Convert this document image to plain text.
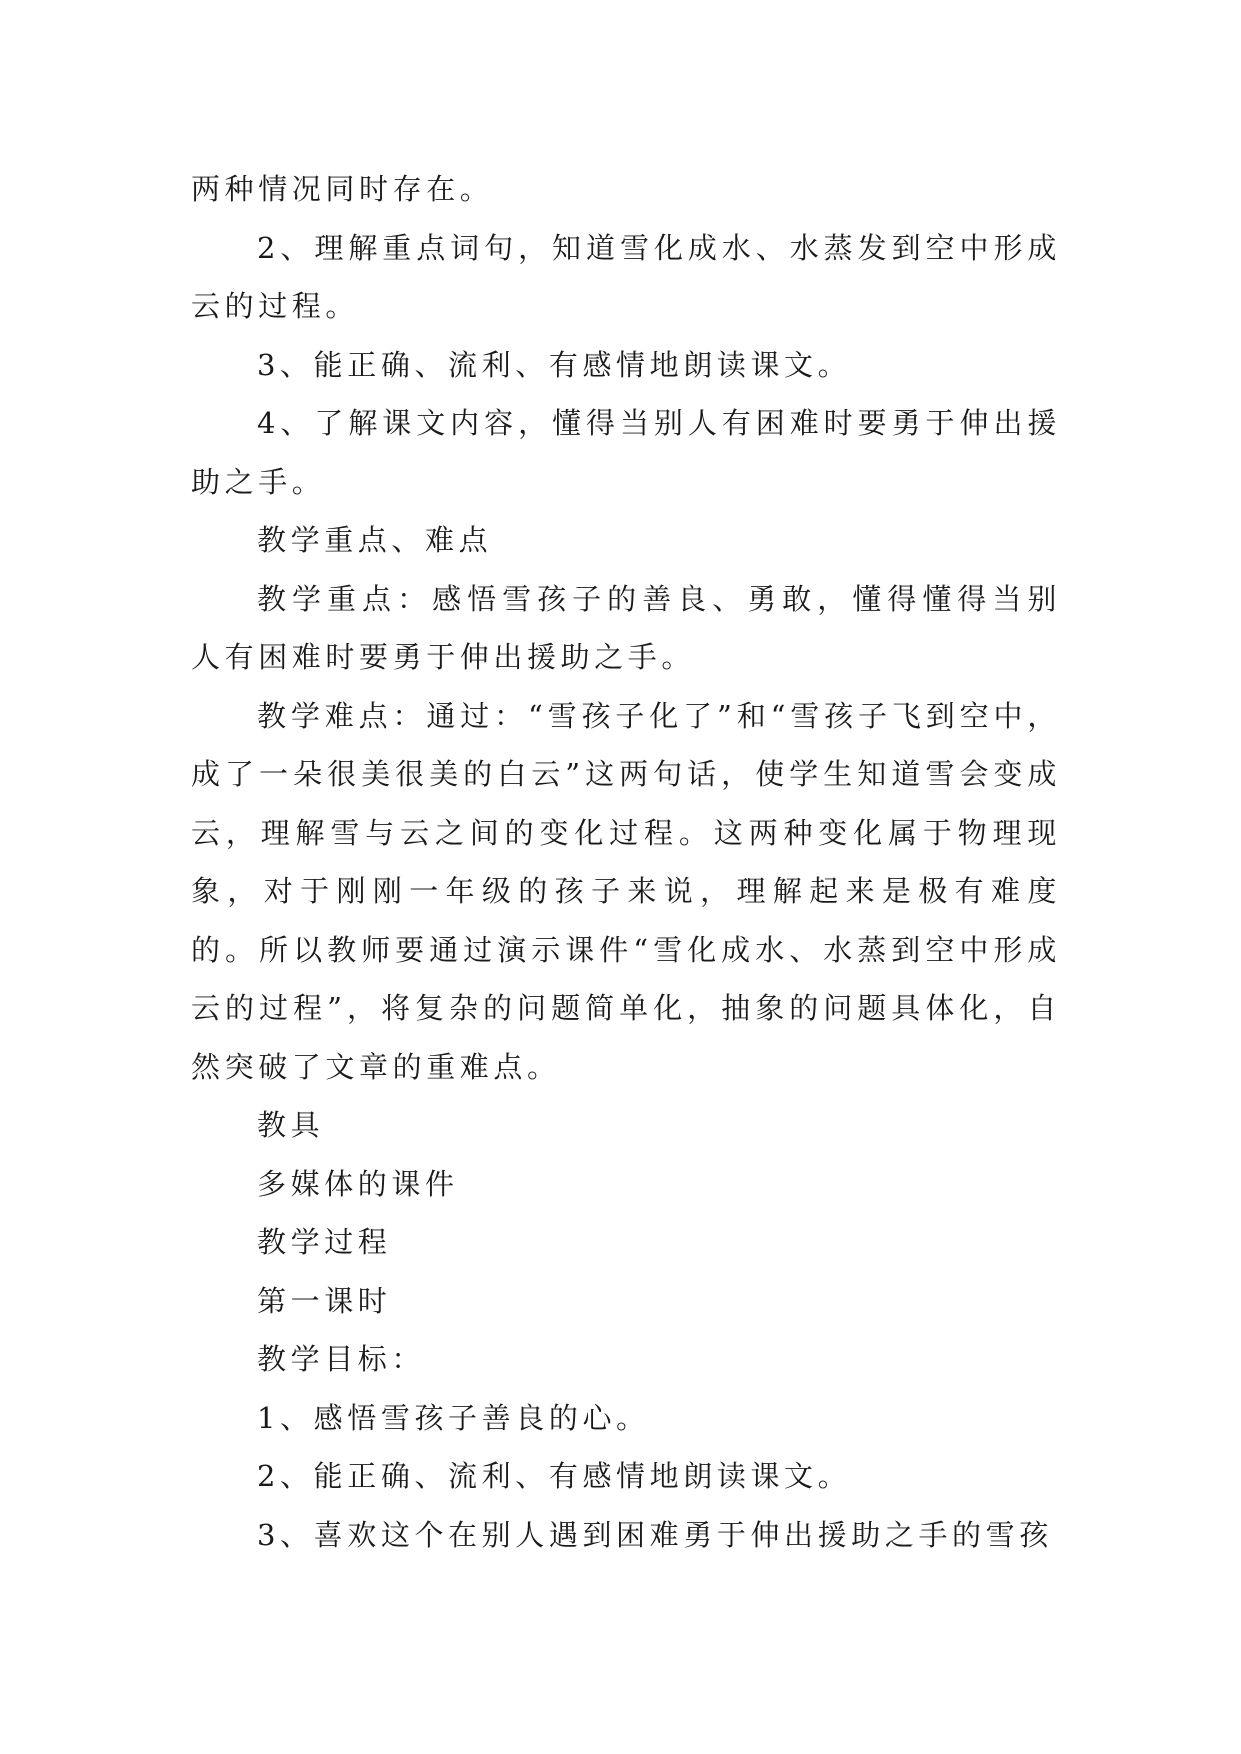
两种情况同时存在。

2、理解重点词句，知道雪化成水、水蒸发到空中形成云的过程。

3、能正确、流利、有感情地朗读课文。

4、了解课文内容，懂得当别人有困难时要勇于伸出援助之手。

教学重点、难点

教学重点：感悟雪孩子的善良、勇敢，懂得懂得当别人有困难时要勇于伸出援助之手。

教学难点：通过：“雪孩子化了”和“雪孩子飞到空中，成了一朵很美很美的白云”这两句话，使学生知道雪会变成云，理解雪与云之间的变化过程。这两种变化属于物理现象，对于刚刚一年级的孩子来说，理解起来是极有难度的。所以教师要通过演示课件“雪化成水、水蒸到空中形成云的过程”，将复杂的问题简单化，抽象的问题具体化，自然突破了文章的重难点。

教具

多媒体的课件

教学过程

第一课时

教学目标：

1、感悟雪孩子善良的心。

2、能正确、流利、有感情地朗读课文。

3、喜欢这个在别人遇到困难勇于伸出援助之手的雪孩
